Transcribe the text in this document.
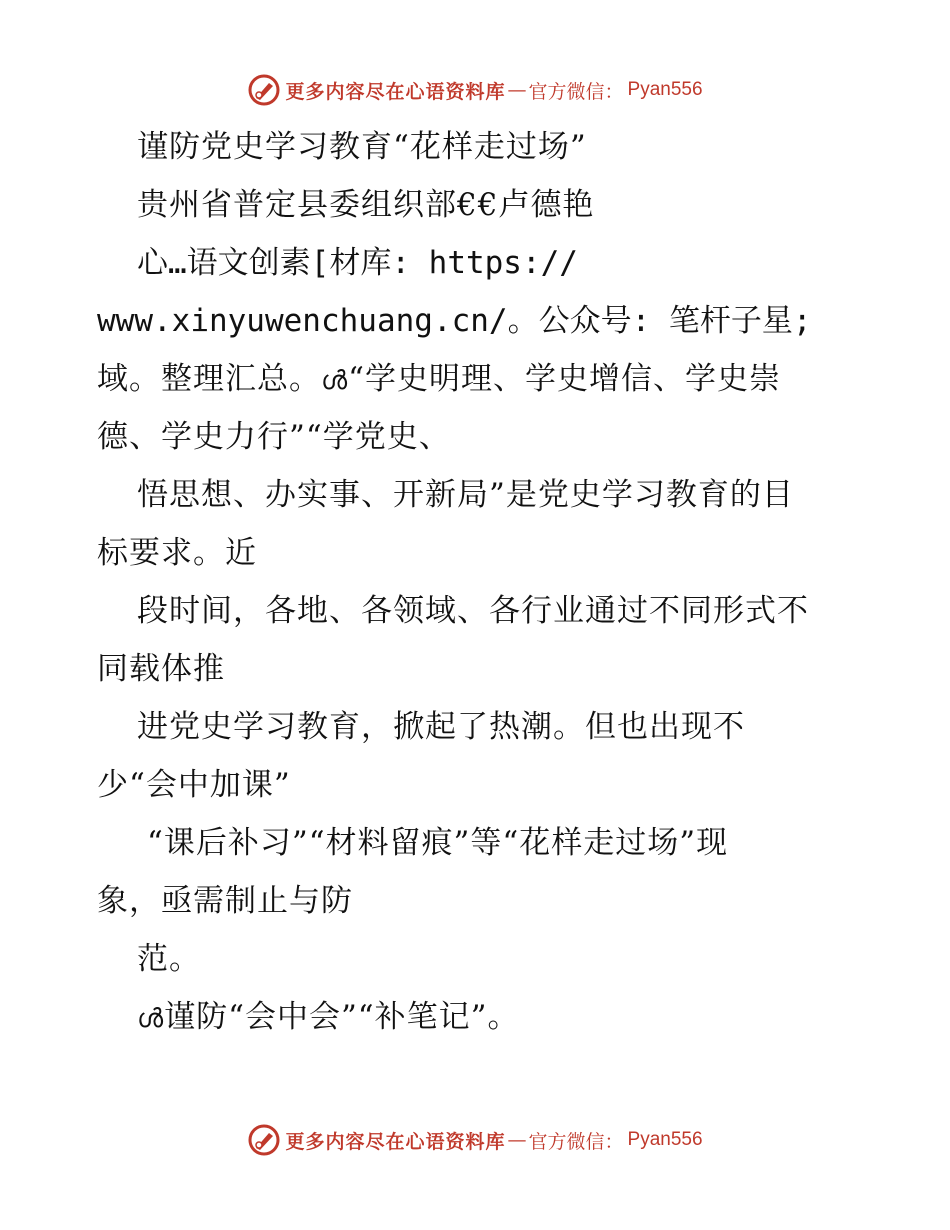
更多内容尽在心语资料库 — 官方微信 ： Pyan556
谨防党史学习教育“花样走过场”
贵州省普定县委组织部€€卢德艳
心…语文创素[材库: https://
www.xinyuwenchuang.cn/。公众号: 笔杆子星;
域。整理汇总。ൾ“学史明理、学史增信、学史崇
德、学史力行”“学党史、
悟思想、办实事、开新局”是党史学习教育的目
标要求。近
段时间，各地、各领域、各行业通过不同形式不
同载体推
进党史学习教育，掀起了热潮。但也出现不
少“会中加课”
“课后补习”“材料留痕”等“花样走过场”现
象，亟需制止与防
范。
ൾ谨防“会中会”“补笔记”。
更多内容尽在心语资料库 — 官方微信 ： Pyan556
